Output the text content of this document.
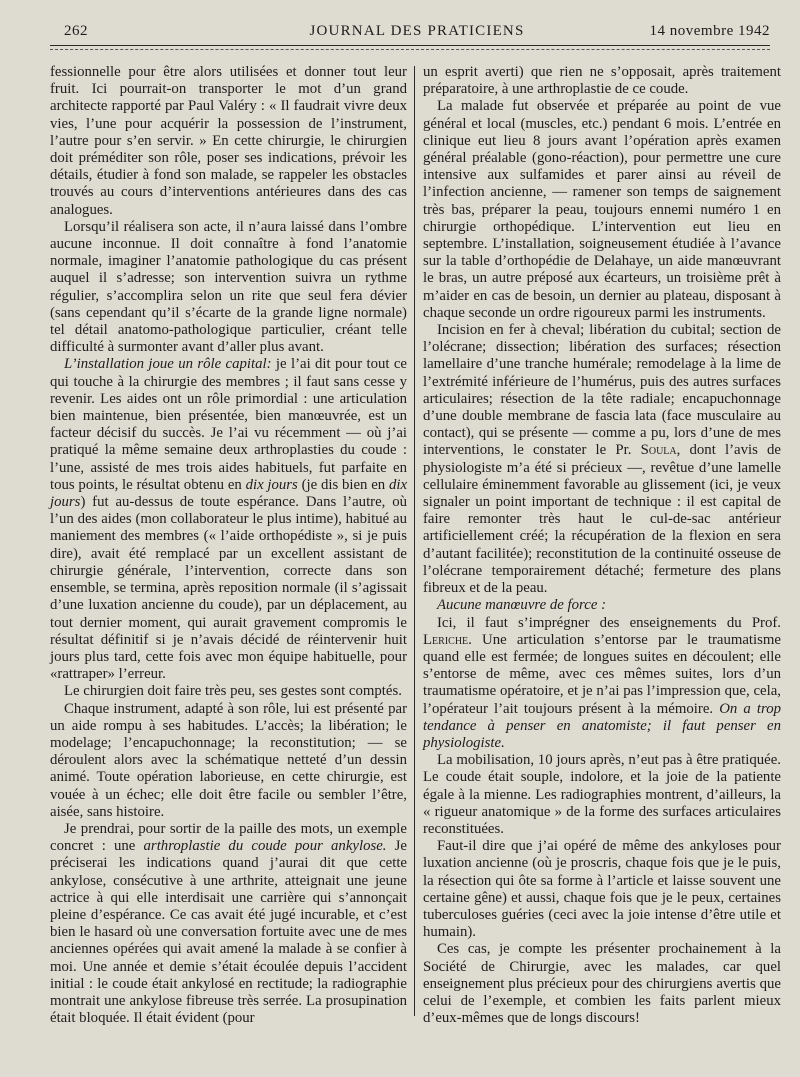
262	JOURNAL DES PRATICIENS	14 novembre 1942

fessionnelle pour être alors utilisées et donner tout leur fruit. Ici pourrait-on transporter le mot d’un grand architecte rapporté par Paul Valéry : « Il faudrait vivre deux vies, l’une pour acquérir la possession de l’instrument, l’autre pour s’en servir. » En cette chirurgie, le chirurgien doit préméditer son rôle, poser ses indications, prévoir les détails, étudier à fond son malade, se rappeler les obstacles trouvés au cours d’interventions antérieures dans des cas analogues.

Lorsqu’il réalisera son acte, il n’aura laissé dans l’ombre aucune inconnue. Il doit connaître à fond l’anatomie normale, imaginer l’anatomie pathologique du cas présent auquel il s’adresse; son intervention suivra un rythme régulier, s’accomplira selon un rite que seul fera dévier (sans cependant qu’il s’écarte de la grande ligne normale) tel détail anatomo-pathologique particulier, créant telle difficulté à surmonter avant d’aller plus avant.

L’installation joue un rôle capital: je l’ai dit pour tout ce qui touche à la chirurgie des membres ; il faut sans cesse y revenir. Les aides ont un rôle primordial : une articulation bien maintenue, bien présentée, bien manœuvrée, est un facteur décisif du succès. Je l’ai vu récemment — où j’ai pratiqué la même semaine deux arthroplasties du coude : l’une, assisté de mes trois aides habituels, fut parfaite en tous points, le résultat obtenu en dix jours (je dis bien en dix jours) fut au-dessus de toute espérance. Dans l’autre, où l’un des aides (mon collaborateur le plus intime), habitué au maniement des membres (« l’aide orthopédiste », si je puis dire), avait été remplacé par un excellent assistant de chirurgie générale, l’intervention, correcte dans son ensemble, se termina, après reposition normale (il s’agissait d’une luxation ancienne du coude), par un déplacement, au tout dernier moment, qui aurait gravement compromis le résultat définitif si je n’avais décidé de réintervenir huit jours plus tard, cette fois avec mon équipe habituelle, pour «rattraper» l’erreur.

Le chirurgien doit faire très peu, ses gestes sont comptés.

Chaque instrument, adapté à son rôle, lui est présenté par un aide rompu à ses habitudes. L’accès; la libération; le modelage; l’encapuchonnage; la reconstitution; — se déroulent alors avec la schématique netteté d’un dessin animé. Toute opération laborieuse, en cette chirurgie, est vouée à un échec; elle doit être facile ou sembler l’être, aisée, sans histoire.

Je prendrai, pour sortir de la paille des mots, un exemple concret : une arthroplastie du coude pour ankylose. Je préciserai les indications quand j’aurai dit que cette ankylose, consécutive à une arthrite, atteignait une jeune actrice à qui elle interdisait une carrière qui s’annonçait pleine d’espérance. Ce cas avait été jugé incurable, et c’est bien le hasard où une conversation fortuite avec une de mes anciennes opérées qui avait amené la malade à se confier à moi. Une année et demie s’était écoulée depuis l’accident initial : le coude était ankylosé en rectitude; la radiographie montrait une ankylose fibreuse très serrée. La prosupination était bloquée. Il était évident (pour

un esprit averti) que rien ne s’opposait, après traitement préparatoire, à une arthroplastie de ce coude.

La malade fut observée et préparée au point de vue général et local (muscles, etc.) pendant 6 mois. L’entrée en clinique eut lieu 8 jours avant l’opération après examen général préalable (gono-réaction), pour permettre une cure intensive aux sulfamides et parer ainsi au réveil de l’infection ancienne, — ramener son temps de saignement très bas, préparer la peau, toujours ennemi numéro 1 en chirurgie orthopédique. L’intervention eut lieu en septembre. L’installation, soigneusement étudiée à l’avance sur la table d’orthopédie de Delahaye, un aide manœuvrant le bras, un autre préposé aux écarteurs, un troisième prêt à m’aider en cas de besoin, un dernier au plateau, disposant à chaque seconde un ordre rigoureux parmi les instruments.

Incision en fer à cheval; libération du cubital; section de l’olécrane; dissection; libération des surfaces; résection lamellaire d’une tranche humérale; remodelage à la lime de l’extrémité inférieure de l’humérus, puis des autres surfaces articulaires; résection de la tête radiale; encapuchonnage d’une double membrane de fascia lata (face musculaire au contact), qui se présente — comme a pu, lors d’une de mes interventions, le constater le Pr. Soula, dont l’avis de physiologiste m’a été si précieux —, revêtue d’une lamelle cellulaire éminemment favorable au glissement (ici, je veux signaler un point important de technique : il est capital de faire remonter très haut le cul-de-sac antérieur artificiellement créé; la récupération de la flexion en sera d’autant facilitée); reconstitution de la continuité osseuse de l’olécrane temporairement détaché; fermeture des plans fibreux et de la peau.

Aucune manœuvre de force :

Ici, il faut s’imprégner des enseignements du Prof. Leriche. Une articulation s’entorse par le traumatisme quand elle est fermée; de longues suites en découlent; elle s’entorse de même, avec ces mêmes suites, lors d’un traumatisme opératoire, et je n’ai pas l’impression que, cela, l’opérateur l’ait toujours présent à la mémoire. On a trop tendance à penser en anatomiste; il faut penser en physiologiste.

La mobilisation, 10 jours après, n’eut pas à être pratiquée. Le coude était souple, indolore, et la joie de la patiente égale à la mienne. Les radiographies montrent, d’ailleurs, la « rigueur anatomique » de la forme des surfaces articulaires reconstituées.

Faut-il dire que j’ai opéré de même des ankyloses pour luxation ancienne (où je proscris, chaque fois que je le puis, la résection qui ôte sa forme à l’article et laisse souvent une certaine gêne) et aussi, chaque fois que je le peux, certaines tuberculoses guéries (ceci avec la joie intense d’être utile et humain).

Ces cas, je compte les présenter prochainement à la Société de Chirurgie, avec les malades, car quel enseignement plus précieux pour des chirurgiens avertis que celui de l’exemple, et combien les faits parlent mieux d’eux-mêmes que de longs discours!
